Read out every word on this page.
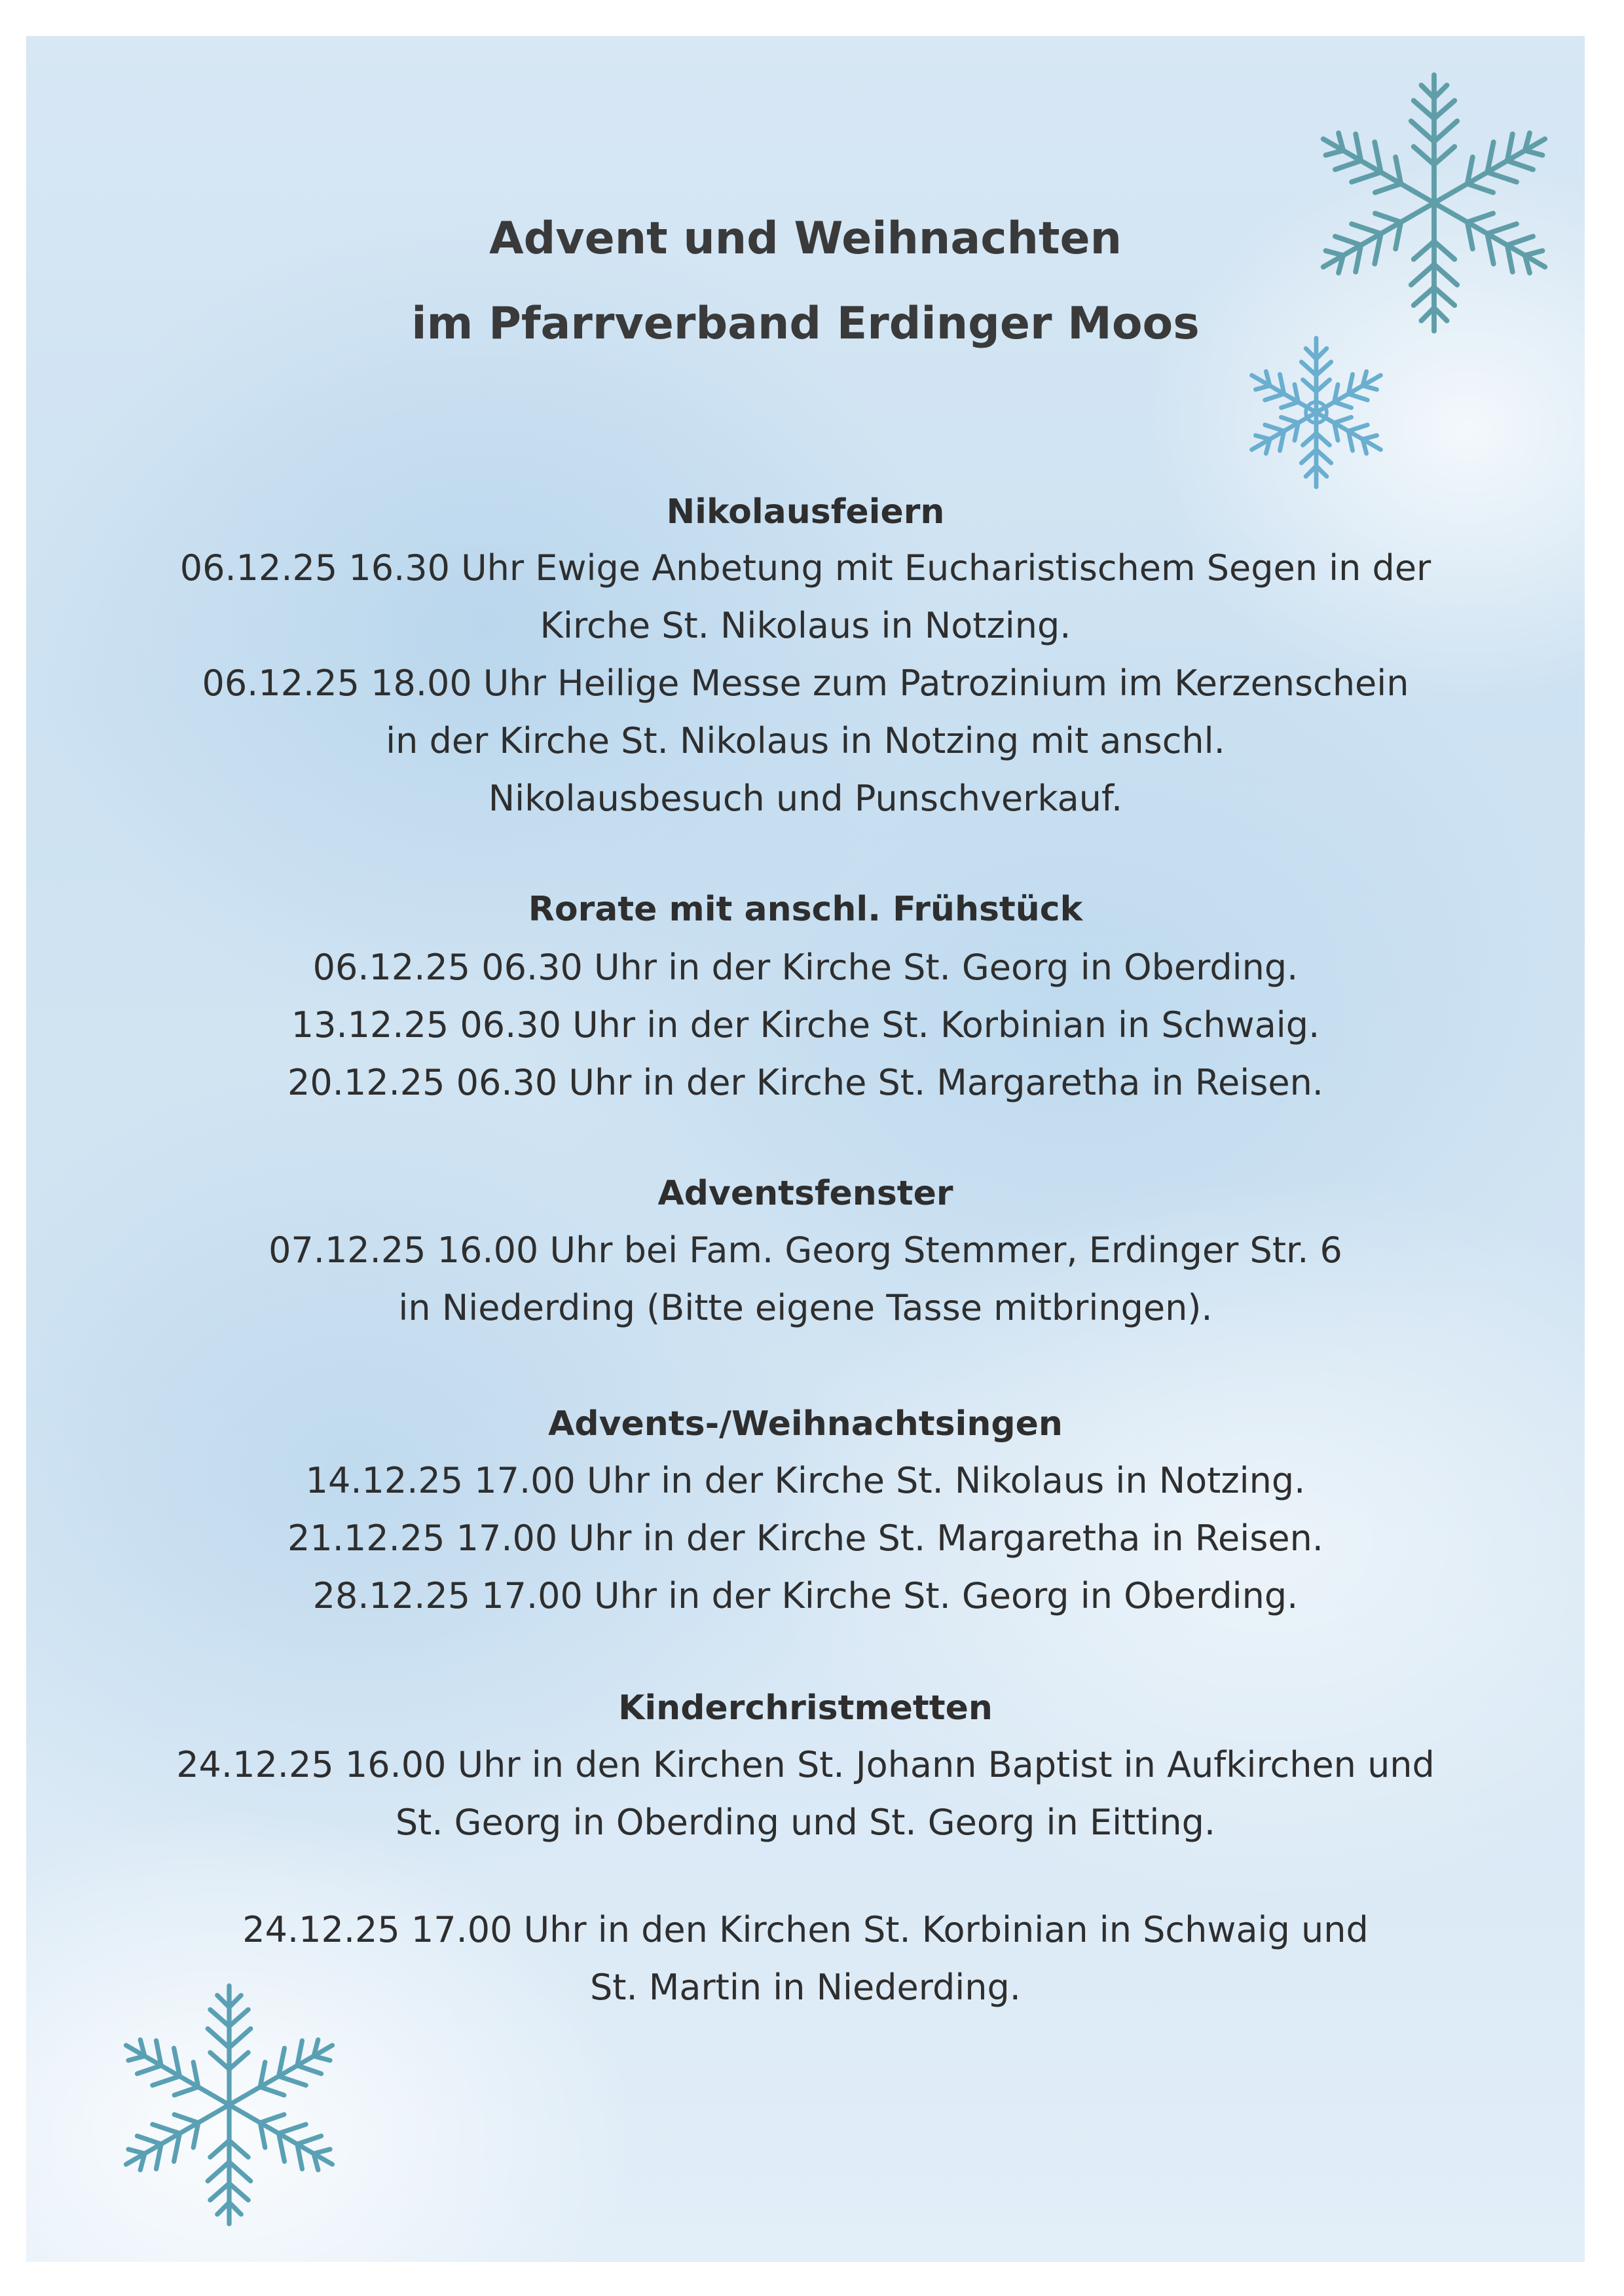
Advent und Weihnachten
im Pfarrverband Erdinger Moos
Nikolausfeiern
06.12.25 16.30 Uhr Ewige Anbetung mit Eucharistischem Segen in der
Kirche St. Nikolaus in Notzing.
06.12.25 18.00 Uhr Heilige Messe zum Patrozinium im Kerzenschein
in der Kirche St. Nikolaus in Notzing mit anschl.
Nikolausbesuch und Punschverkauf.
Rorate mit anschl. Frühstück
06.12.25 06.30 Uhr in der Kirche St. Georg in Oberding.
13.12.25 06.30 Uhr in der Kirche St. Korbinian in Schwaig.
20.12.25 06.30 Uhr in der Kirche St. Margaretha in Reisen.
Adventsfenster
07.12.25 16.00 Uhr bei Fam. Georg Stemmer, Erdinger Str. 6
in Niederding (Bitte eigene Tasse mitbringen).
Advents-/Weihnachtsingen
14.12.25 17.00 Uhr in der Kirche St. Nikolaus in Notzing.
21.12.25 17.00 Uhr in der Kirche St. Margaretha in Reisen.
28.12.25 17.00 Uhr in der Kirche St. Georg in Oberding.
Kinderchristmetten
24.12.25 16.00 Uhr in den Kirchen St. Johann Baptist in Aufkirchen und
St. Georg in Oberding und St. Georg in Eitting.
24.12.25 17.00 Uhr in den Kirchen St. Korbinian in Schwaig und
St. Martin in Niederding.
